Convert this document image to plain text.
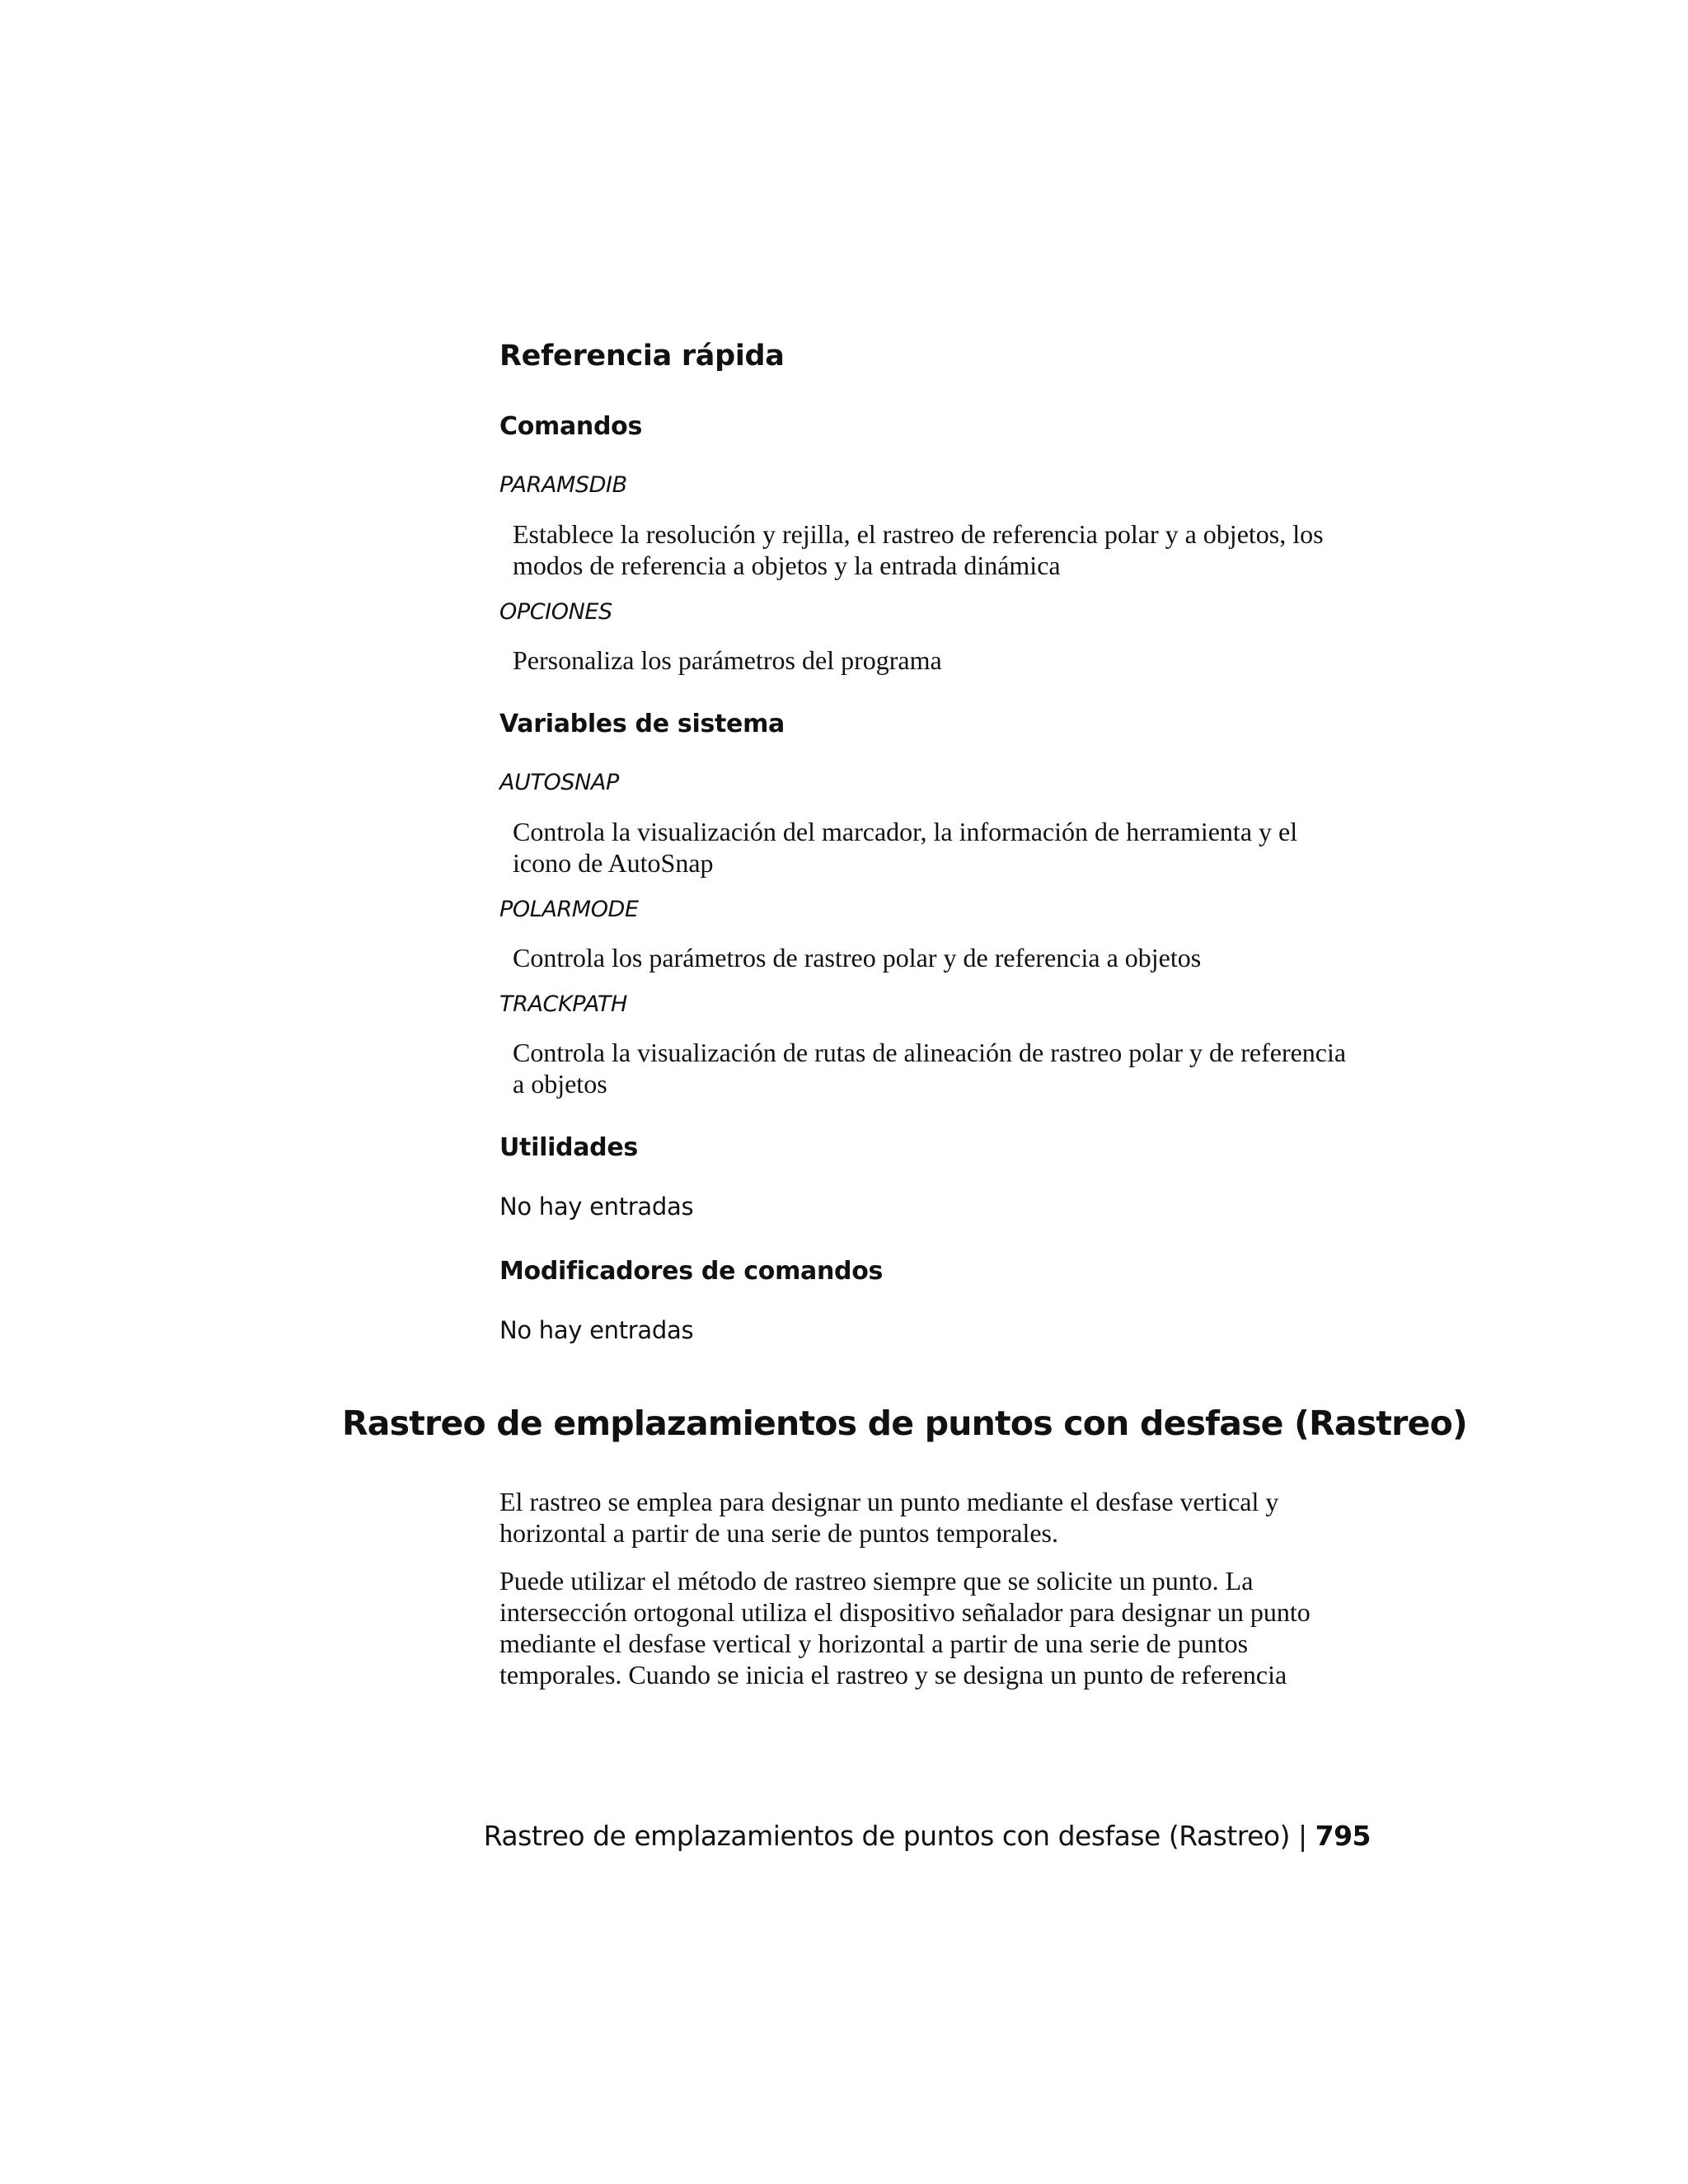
Referencia rápida
Comandos
PARAMSDIB
Establece la resolución y rejilla, el rastreo de referencia polar y a objetos, los
modos de referencia a objetos y la entrada dinámica
OPCIONES
Personaliza los parámetros del programa
Variables de sistema
AUTOSNAP
Controla la visualización del marcador, la información de herramienta y el
icono de AutoSnap
POLARMODE
Controla los parámetros de rastreo polar y de referencia a objetos
TRACKPATH
Controla la visualización de rutas de alineación de rastreo polar y de referencia
a objetos
Utilidades
No hay entradas
Modificadores de comandos
No hay entradas
Rastreo de emplazamientos de puntos con desfase (Rastreo)
El rastreo se emplea para designar un punto mediante el desfase vertical y
horizontal a partir de una serie de puntos temporales.
Puede utilizar el método de rastreo siempre que se solicite un punto. La
intersección ortogonal utiliza el dispositivo señalador para designar un punto
mediante el desfase vertical y horizontal a partir de una serie de puntos
temporales. Cuando se inicia el rastreo y se designa un punto de referencia
Rastreo de emplazamientos de puntos con desfase (Rastreo) | 795
